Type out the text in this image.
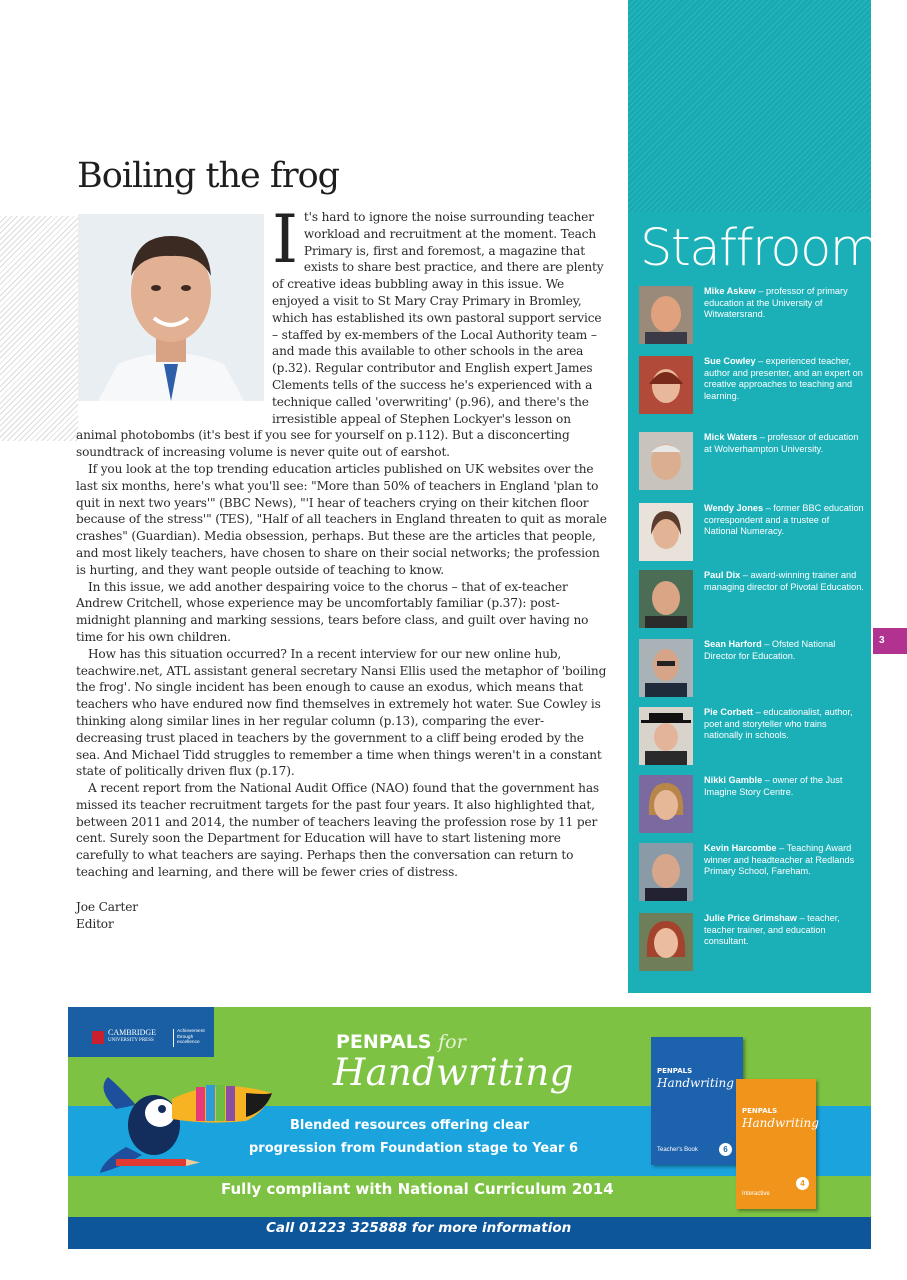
Boiling the frog

I t's hard to ignore the noise surrounding teacher workload and recruitment at the moment. Teach Primary is, first and foremost, a magazine that exists to share best practice, and there are plenty of creative ideas bubbling away in this issue. We enjoyed a visit to St Mary Cray Primary in Bromley, which has established its own pastoral support service – staffed by ex-members of the Local Authority team – and made this available to other schools in the area (p.32). Regular contributor and English expert James Clements tells of the success he's experienced with a technique called 'overwriting' (p.96), and there's the irresistible appeal of Stephen Lockyer's lesson on animal photobombs (it's best if you see for yourself on p.112). But a disconcerting soundtrack of increasing volume is never quite out of earshot.

If you look at the top trending education articles published on UK websites over the last six months, here's what you'll see: "More than 50% of teachers in England 'plan to quit in next two years'" (BBC News), "'I hear of teachers crying on their kitchen floor because of the stress'" (TES), "Half of all teachers in England threaten to quit as morale crashes" (Guardian). Media obsession, perhaps. But these are the articles that people, and most likely teachers, have chosen to share on their social networks; the profession is hurting, and they want people outside of teaching to know.

In this issue, we add another despairing voice to the chorus – that of ex-teacher Andrew Critchell, whose experience may be uncomfortably familiar (p.37): post-midnight planning and marking sessions, tears before class, and guilt over having no time for his own children.

How has this situation occurred? In a recent interview for our new online hub, teachwire.net, ATL assistant general secretary Nansi Ellis used the metaphor of 'boiling the frog'. No single incident has been enough to cause an exodus, which means that teachers who have endured now find themselves in extremely hot water. Sue Cowley is thinking along similar lines in her regular column (p.13), comparing the ever-decreasing trust placed in teachers by the government to a cliff being eroded by the sea. And Michael Tidd struggles to remember a time when things weren't in a constant state of politically driven flux (p.17).

A recent report from the National Audit Office (NAO) found that the government has missed its teacher recruitment targets for the past four years. It also highlighted that, between 2011 and 2014, the number of teachers leaving the profession rose by 11 per cent. Surely soon the Department for Education will have to start listening more carefully to what teachers are saying. Perhaps then the conversation can return to teaching and learning, and there will be fewer cries of distress.

Joe Carter

Editor

Staffroom
Mike Askew – professor of primary education at the University of Witwatersrand.
Sue Cowley – experienced teacher, author and presenter, and an expert on creative approaches to teaching and learning.
Mick Waters – professor of education at Wolverhampton University.
Wendy Jones – former BBC education correspondent and a trustee of National Numeracy.
Paul Dix – award-winning trainer and managing director of Pivotal Education.
Sean Harford – Ofsted National Director for Education.
Pie Corbett – educationalist, author, poet and storyteller who trains nationally in schools.
Nikki Gamble – owner of the Just Imagine Story Centre.
Kevin Harcombe – Teaching Award winner and headteacher at Redlands Primary School, Fareham.
Julie Price Grimshaw – teacher, teacher trainer, and education consultant.
3
CAMBRIDGE
UNIVERSITY PRESS
Achievement through excellence	PENPALS for
Handwriting
Blended resources offering clear
progression from Foundation stage to Year 6
Fully compliant with National Curriculum 2014
Call 01223 325888 for more information
PENPALS
Handwriting
Teacher's Book	6
PENPALS
Handwriting
Interactive
4
